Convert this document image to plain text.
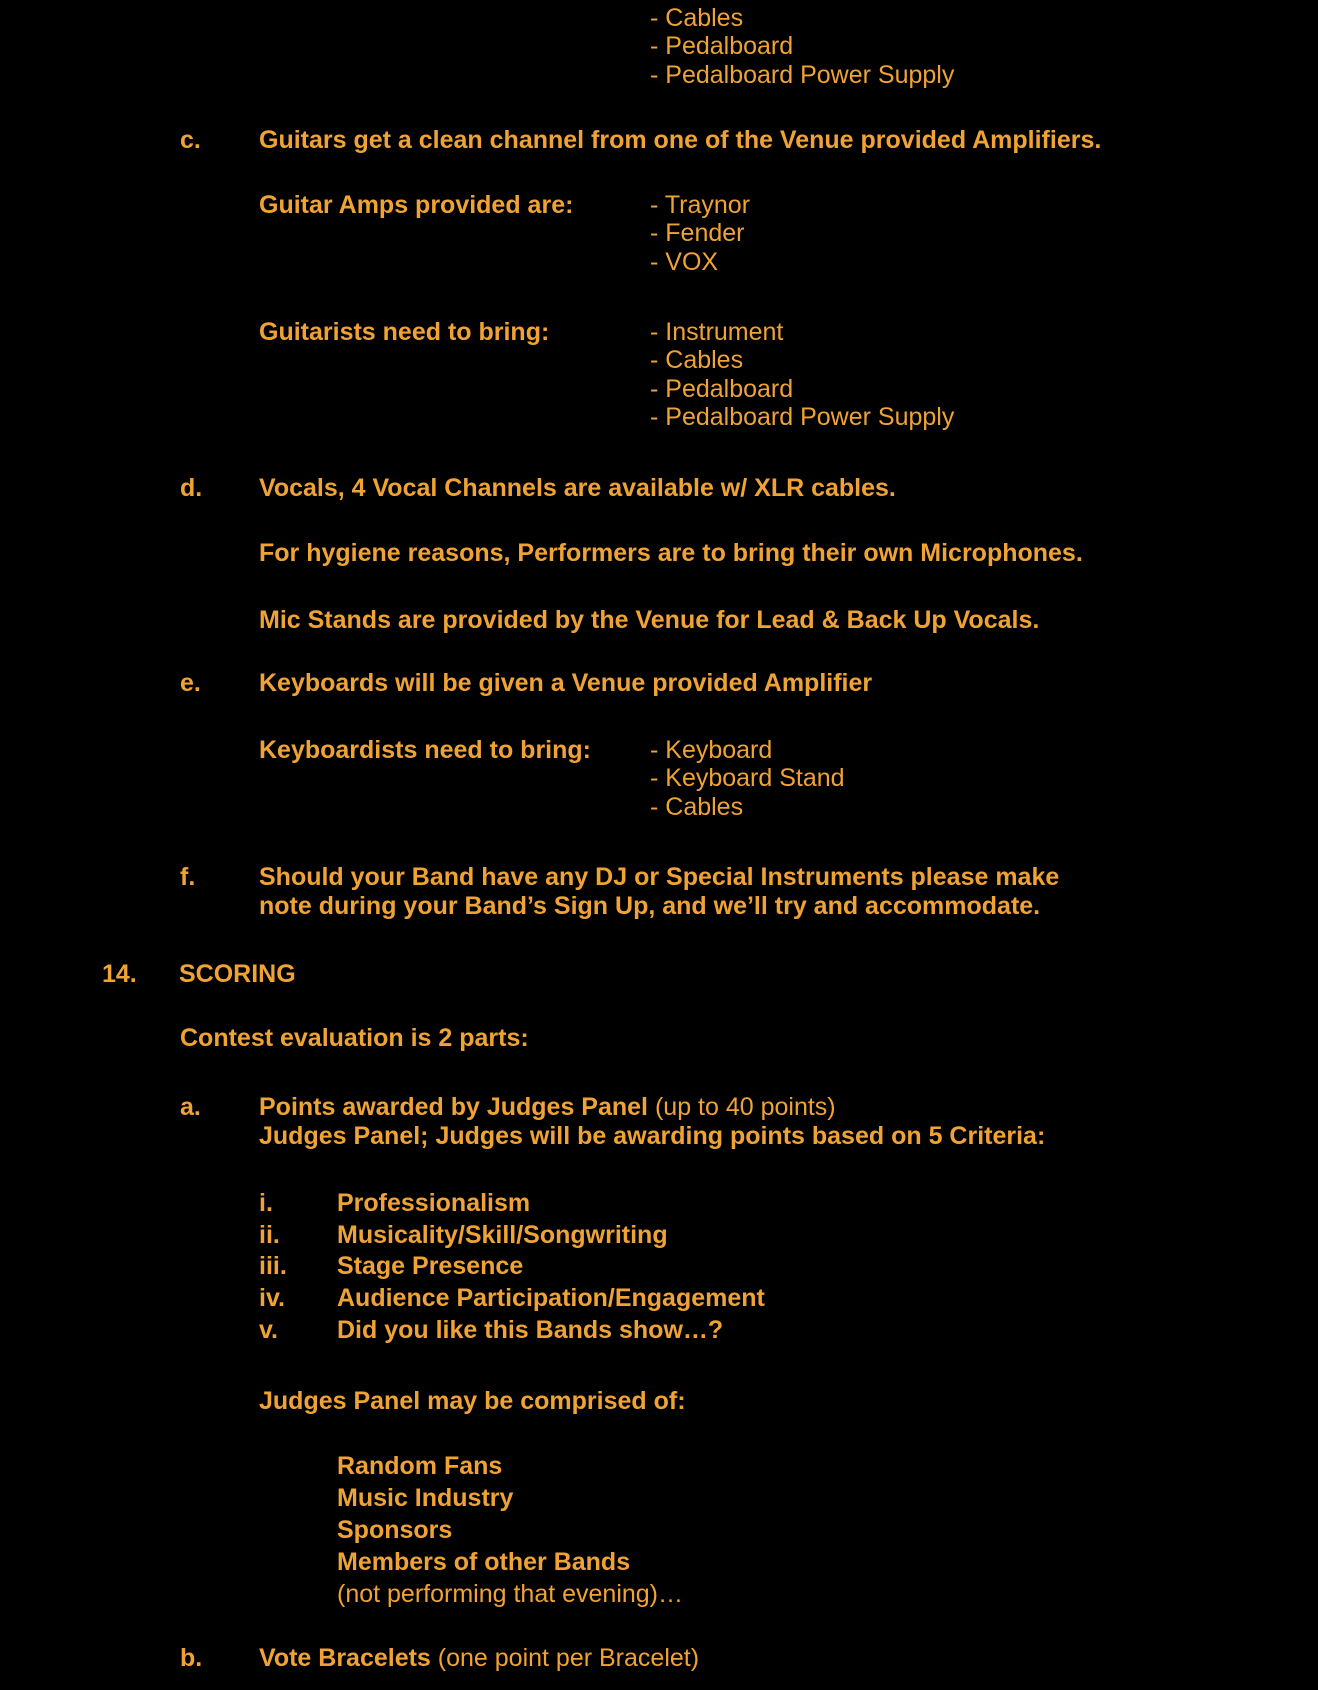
- Cables
- Pedalboard
- Pedalboard Power Supply
c. Guitars get a clean channel from one of the Venue provided Amplifiers.
Guitar Amps provided are:	- Traynor
- Fender
- VOX
Guitarists need to bring:	- Instrument
- Cables
- Pedalboard
- Pedalboard Power Supply
d. Vocals, 4 Vocal Channels are available w/ XLR cables.
For hygiene reasons, Performers are to bring their own Microphones.
Mic Stands are provided by the Venue for Lead & Back Up Vocals.
e. Keyboards will be given a Venue provided Amplifier
Keyboardists need to bring: - Keyboard
- Keyboard Stand
- Cables
f.	Should your Band have any DJ or Special Instruments please make
note during your Band’s Sign Up, and we’ll try and accommodate.
14. SCORING
Contest evaluation is 2 parts:
a. Points awarded by Judges Panel (up to 40 points)
Judges Panel; Judges will be awarding points based on 5 Criteria:
i.	Professionalism
ii. Musicality/Skill/Songwriting
iii. Stage Presence
iv. Audience Participation/Engagement
v. Did you like this Bands show…?
Judges Panel may be comprised of:
Random Fans
Music Industry
Sponsors
Members of other Bands
(not performing that evening)…
b. Vote Bracelets (one point per Bracelet)
